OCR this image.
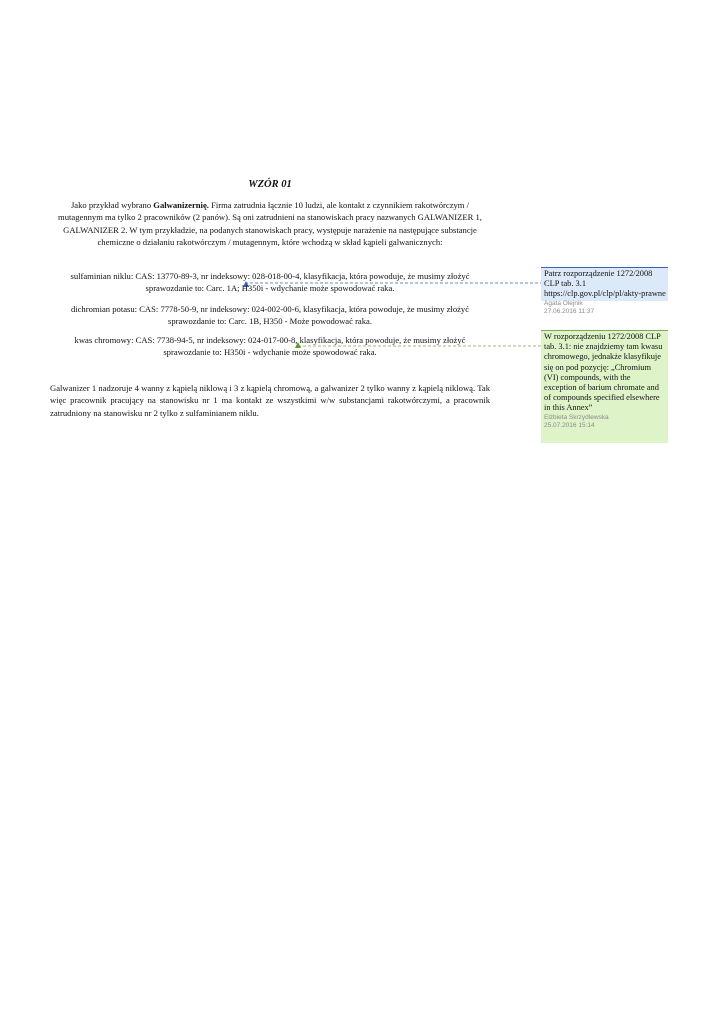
WZÓR 01
Jako przykład wybrano Galwanizernię. Firma zatrudnia łącznie 10 ludzi, ale kontakt z czynnikiem rakotwórczym / mutagennym ma tylko 2 pracowników (2 panów). Są oni zatrudnieni na stanowiskach pracy nazwanych GALWANIZER 1, GALWANIZER 2. W tym przykładzie, na podanych stanowiskach pracy, występuje narażenie na następujące substancje chemiczne o działaniu rakotwórczym / mutagennym, które wchodzą w skład kąpieli galwanicznych:
sulfaminian niklu: CAS: 13770-89-3, nr indeksowy: 028-018-00-4, klasyfikacja, która powoduje, że musimy złożyć sprawozdanie to: Carc. 1A; H350i - wdychanie może spowodować raka.
dichromian potasu: CAS: 7778-50-9, nr indeksowy: 024-002-00-6, klasyfikacja, która powoduje, że musimy złożyć sprawozdanie to: Carc. 1B, H350 - Może powodować raka.
kwas chromowy: CAS: 7738-94-5, nr indeksowy: 024-017-00-8, klasyfikacja, która powoduje, że musimy złożyć sprawozdanie to: H350i - wdychanie może spowodować raka.
Galwanizer 1 nadzoruje 4 wanny z kąpielą niklową i 3 z kąpielą chromową, a galwanizer 2 tylko wanny z kąpielą niklową. Tak więc pracownik pracujący na stanowisku nr 1 ma kontakt ze wszystkimi w/w substancjami rakotwórczymi, a pracownik zatrudniony na stanowisku nr 2 tylko z sulfaminianem niklu.
Patrz rozporządzenie 1272/2008 CLP tab. 3.1
https://clp.gov.pl/clp/pl/akty-prawne
Agata Olejnik
27.06.2016 11:37
W rozporządzeniu 1272/2008 CLP tab. 3.1: nie znajdziemy tam kwasu chromowego, jednakże klasyfikuje się on pod pozycję: „Chromium (VI) compounds, with the exception of barium chromate and of compounds specified elsewhere in this Annex”
Elżbieta Skrzydlewska
25.07.2016 15:14
